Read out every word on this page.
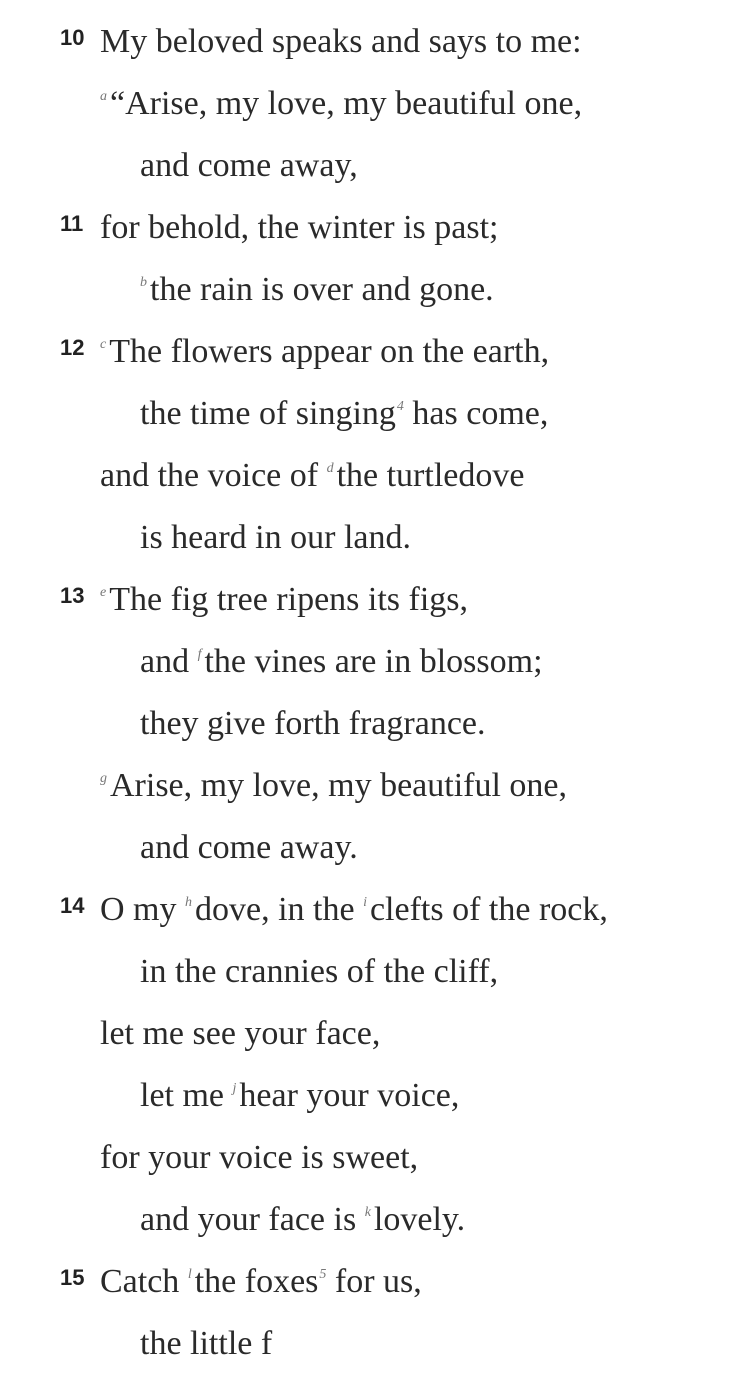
10 My beloved speaks and says to me:
$^a$“Arise, my love, my beautiful one,
and come away,
11 for behold, the winter is past;
$^b$the rain is over and gone.
12 $^c$The flowers appear on the earth,
the time of singing$^4$ has come,
and the voice of $^d$the turtledove
is heard in our land.
13 $^e$The fig tree ripens its figs,
and $^f$the vines are in blossom;
they give forth fragrance.
$^g$Arise, my love, my beautiful one,
and come away.
14 O my $^h$dove, in the $^i$clefts of the rock,
in the crannies of the cliff,
let me see your face,
let me $^j$hear your voice,
for your voice is sweet,
and your face is $^k$lovely.
15 Catch $^l$the foxes$^5$ for us,
the little f
